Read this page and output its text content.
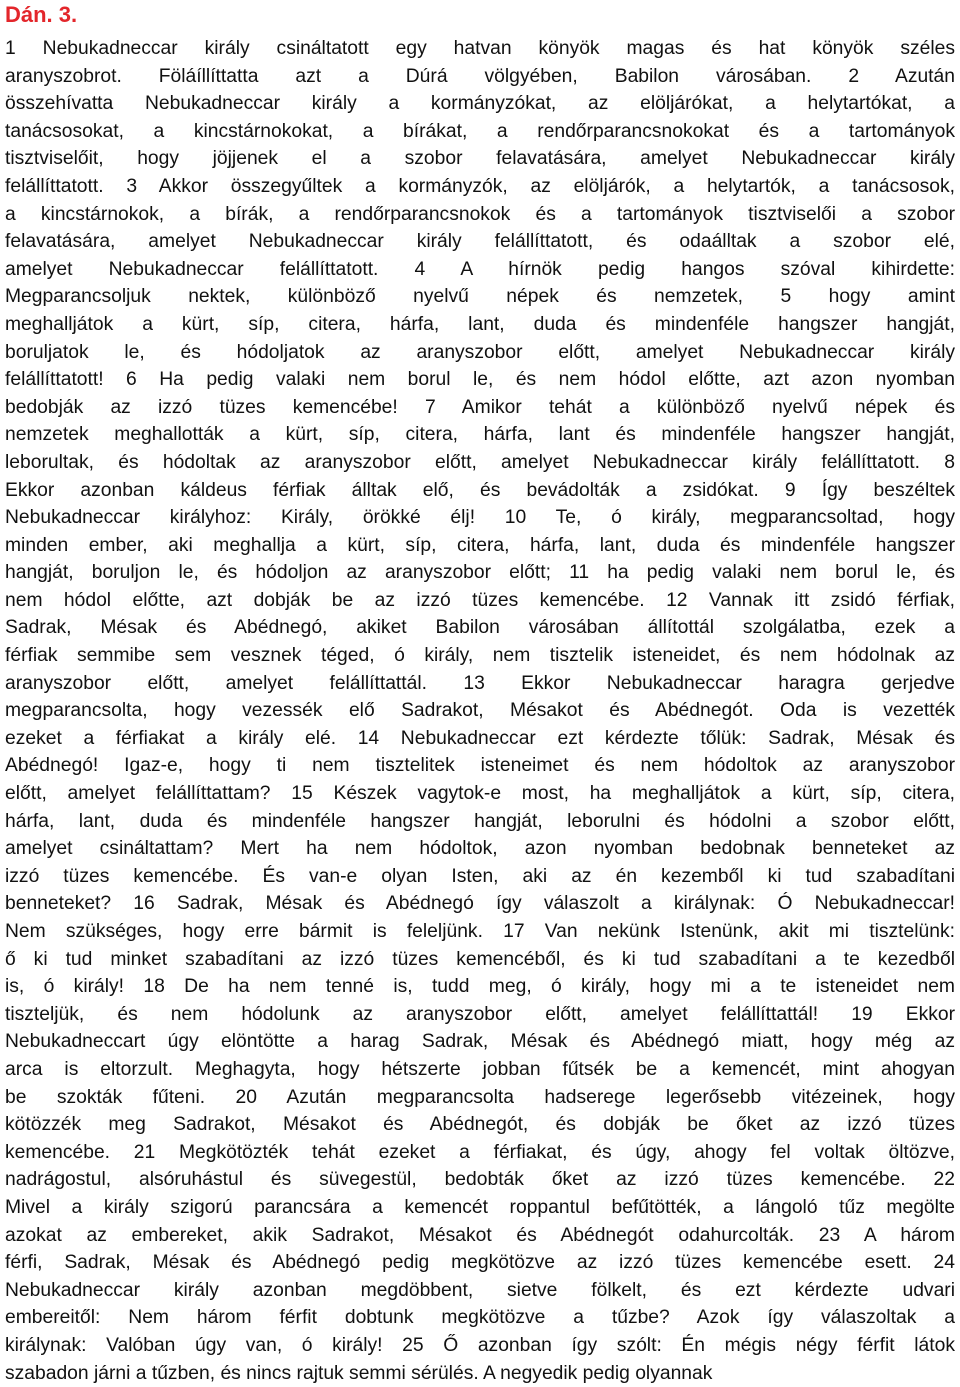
Dán. 3.
1 Nebukadneccar király csináltatott egy hatvan könyök magas és hat könyök széles
aranyszobrot. Föláíllíttatta azt a Dúrá völgyében, Babilon városában. 2 Azután
összehívatta Nebukadneccar király a kormányzókat, az elöljárókat, a helytartókat, a
tanácsosokat, a kincstárnokokat, a bírákat, a rendőrparancsnokokat és a tartományok
tisztviselőit, hogy jöjjenek el a szobor felavatására, amelyet Nebukadneccar király
felállíttatott. 3 Akkor összegyűltek a kormányzók, az elöljárók, a helytartók, a tanácsosok,
a kincstárnokok, a bírák, a rendőrparancsnokok és a tartományok tisztviselői a szobor
felavatására, amelyet Nebukadneccar király felállíttatott, és odaálltak a szobor elé,
amelyet Nebukadneccar felállíttatott. 4 A hírnök pedig hangos szóval kihirdette:
Megparancsoljuk nektek, különböző nyelvű népek és nemzetek, 5 hogy amint
meghalljátok a kürt, síp, citera, hárfa, lant, duda és mindenféle hangszer hangját,
boruljatok le, és hódoljatok az aranyszobor előtt, amelyet Nebukadneccar király
felállíttatott! 6 Ha pedig valaki nem borul le, és nem hódol előtte, azt azon nyomban
bedobják az izzó tüzes kemencébe! 7 Amikor tehát a különböző nyelvű népek és
nemzetek meghallották a kürt, síp, citera, hárfa, lant és mindenféle hangszer hangját,
leborultak, és hódoltak az aranyszobor előtt, amelyet Nebukadneccar király felállíttatott. 8
Ekkor azonban káldeus férfiak álltak elő, és bevádolták a zsidókat. 9 Így beszéltek
Nebukadneccar királyhoz: Király, örökké élj! 10 Te, ó király, megparancsoltad, hogy
minden ember, aki meghallja a kürt, síp, citera, hárfa, lant, duda és mindenféle hangszer
hangját, boruljon le, és hódoljon az aranyszobor előtt; 11 ha pedig valaki nem borul le, és
nem hódol előtte, azt dobják be az izzó tüzes kemencébe. 12 Vannak itt zsidó férfiak,
Sadrak, Mésak és Abédnegó, akiket Babilon városában állítottál szolgálatba, ezek a
férfiak semmibe sem vesznek téged, ó király, nem tisztelik isteneidet, és nem hódolnak az
aranyszobor előtt, amelyet felállíttattál. 13 Ekkor Nebukadneccar haragra gerjedve
megparancsolta, hogy vezessék elő Sadrakot, Mésakot és Abédnegót. Oda is vezették
ezeket a férfiakat a király elé. 14 Nebukadneccar ezt kérdezte tőlük: Sadrak, Mésak és
Abédnegó! Igaz-e, hogy ti nem tisztelitek isteneimet és nem hódoltok az aranyszobor
előtt, amelyet felállíttattam? 15 Készek vagytok-e most, ha meghalljátok a kürt, síp, citera,
hárfa, lant, duda és mindenféle hangszer hangját, leborulni és hódolni a szobor előtt,
amelyet csináltattam? Mert ha nem hódoltok, azon nyomban bedobnak benneteket az
izzó tüzes kemencébe. És van-e olyan Isten, aki az én kezemből ki tud szabadítani
benneteket? 16 Sadrak, Mésak és Abédnegó így válaszolt a királynak: Ó Nebukadneccar!
Nem szükséges, hogy erre bármit is feleljünk. 17 Van nekünk Istenünk, akit mi tisztelünk:
ő ki tud minket szabadítani az izzó tüzes kemencéből, és ki tud szabadítani a te kezedből
is, ó király! 18 De ha nem tenné is, tudd meg, ó király, hogy mi a te isteneidet nem
tiszteljük, és nem hódolunk az aranyszobor előtt, amelyet felállíttattál! 19 Ekkor
Nebukadneccart úgy elöntötte a harag Sadrak, Mésak és Abédnegó miatt, hogy még az
arca is eltorzult. Meghagyta, hogy hétszerte jobban fűtsék be a kemencét, mint ahogyan
be szokták fűteni. 20 Azután megparancsolta hadserege legerősebb vitézeinek, hogy
kötözzék meg Sadrakot, Mésakot és Abédnegót, és dobják be őket az izzó tüzes
kemencébe. 21 Megkötözték tehát ezeket a férfiakat, és úgy, ahogy fel voltak öltözve,
nadrágostul, alsóruhástul és süvegestül, bedobták őket az izzó tüzes kemencébe. 22
Mivel a király szigorú parancsára a kemencét roppantul befűtötték, a lángoló tűz megölte
azokat az embereket, akik Sadrakot, Mésakot és Abédnegót odahurcolták. 23 A három
férfi, Sadrak, Mésak és Abédnegó pedig megkötözve az izzó tüzes kemencébe esett. 24
Nebukadneccar király azonban megdöbbent, sietve fölkelt, és ezt kérdezte udvari
embereitől: Nem három férfit dobtunk megkötözve a tűzbe? Azok így válaszoltak a
királynak: Valóban úgy van, ó király! 25 Ő azonban így szólt: Én mégis négy férfit látok
szabadon járni a tűzben, és nincs rajtuk semmi sérülés. A negyedik pedig olyannak
